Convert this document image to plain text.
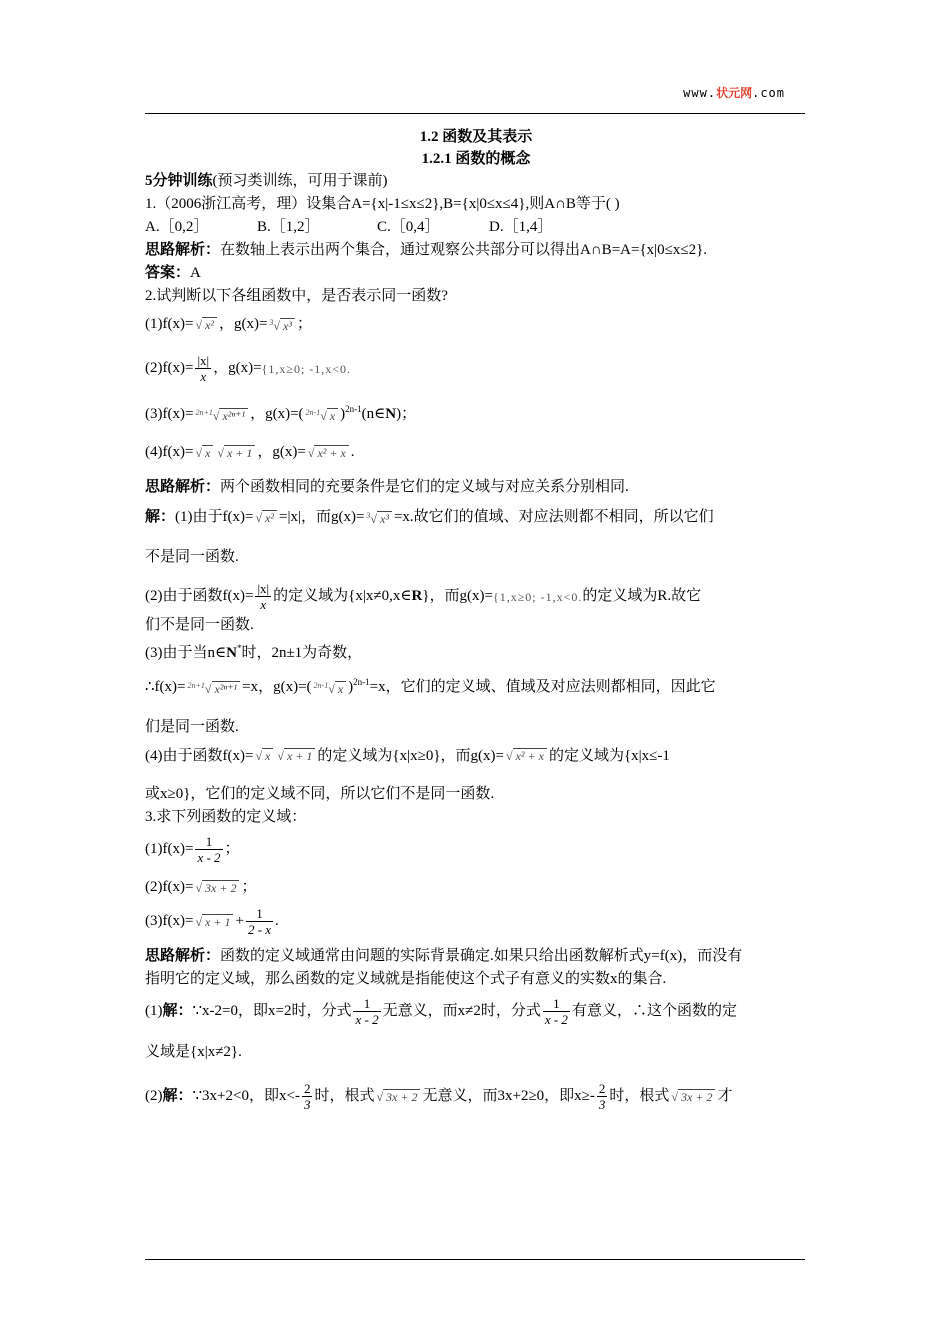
www.状元网.com
1.2 函数及其表示
1.2.1 函数的概念
5分钟训练(预习类训练，可用于课前)
1.（2006浙江高考，理）设集合A={x|-1≤x≤2},B={x|0≤x≤4},则A∩B等于( )
A.［0,2］	B.［1,2］	C.［0,4］	D.［1,4］
思路解析：在数轴上表示出两个集合，通过观察公共部分可以得出A∩B=A={x|0≤x≤2}.
答案：A
2.试判断以下各组函数中，是否表示同一函数?
(1)f(x)= √ x² ，g(x)= $^3$√ x³ ；
$(2)f(x)= \frac{|x|}{x}$ ，g(x)={1,x≥0; -1,x<0.
(3)f(x)= $^{2n+1}$√ x²ⁿ⁺¹ ，g(x)=( $^{2n-1}$√ x )$^{2n-1}$(n∈N)；
(4)f(x)= √ x √ x + 1 ，g(x)= √ x² + x .
思路解析：两个函数相同的充要条件是它们的定义域与对应关系分别相同.
解：(1)由于f(x)= √ x² =|x|，而g(x)= $^3$√ x³ =x.故它们的值域、对应法则都不相同，所以它们
不是同一函数.
(2)由于函数$f(x)= \frac{|x|}{x}$ 的定义域为{x|x≠0,x∈R}，而g(x)={1,x≥0; -1,x<0.的定义域为R.故它
们不是同一函数.
(3)由于当n∈N*时，2n±1为奇数，
∴f(x)= $^{2n+1}$√ x²ⁿ⁺¹ =x，g(x)=( $^{2n-1}$√ x )$^{2n-1}$=x，它们的定义域、值域及对应法则都相同，因此它
们是同一函数.
(4)由于函数f(x)= √ x √ x + 1 的定义域为{x|x≥0}，而g(x)= √ x² + x 的定义域为{x|x≤-1
或x≥0}，它们的定义域不同，所以它们不是同一函数.
3.求下列函数的定义域：
$(1)f(x)= \frac{1}{x - 2}$ ；
(2)f(x)= √ 3x + 2 ；
(3)f(x)= √ $x + 1 + \frac{1}{2 - x}$ .
思路解析：函数的定义域通常由问题的实际背景确定.如果只给出函数解析式y=f(x)，而没有
指明它的定义域，那么函数的定义域就是指能使这个式子有意义的实数x的集合.
(1)解：∵x-2=0，即x=2时，分式 $\frac{1}{x - 2}$ 无意义，而x≠2时，分式 $\frac{1}{x - 2}$ 有意义，∴这个函数的定
义域是{x|x≠2}.
(2)解：∵3x+2<0，即$x<- \frac{2}{3}$ 时，根式 √ 3x + 2 无意义，而3x+2≥0，即$x\ge- \frac{2}{3}$ 时，根式 √ 3x + 2 才
